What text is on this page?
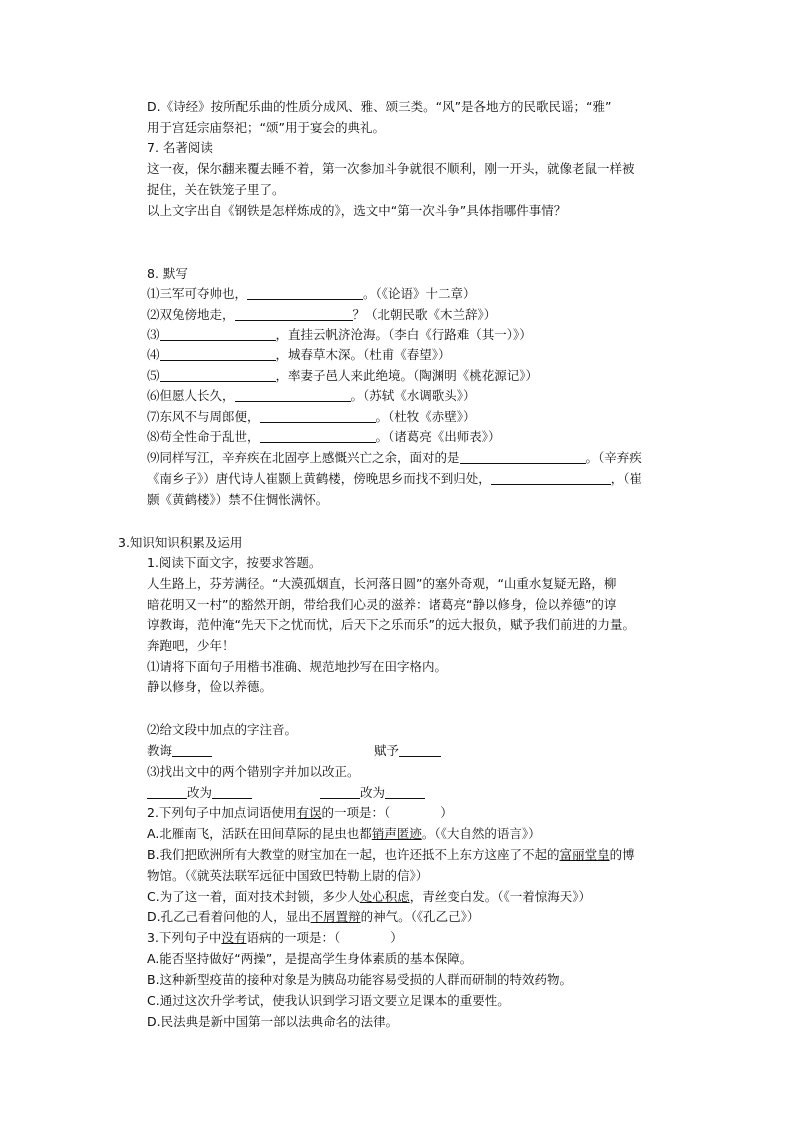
D.《诗经》按所配乐曲的性质分成风、雅、颂三类。“风”是各地方的民歌民谣；“雅”
用于宫廷宗庙祭祀；“颂”用于宴会的典礼。
7. 名著阅读
这一夜，保尔翻来覆去睡不着，第一次参加斗争就很不顺利，刚一开头，就像老鼠一样被
捉住，关在铁笼子里了。
以上文字出自《钢铁是怎样炼成的》，选文中“第一次斗争”具体指哪件事情？
8. 默写
⑴三军可夺帅也，	。（《论语》十二章）
⑵双兔傍地走，	？（北朝民歌《木兰辞》）
⑶	，直挂云帆济沧海。（李白《行路难（其一）》）
⑷	，城春草木深。（杜甫《春望》）
⑸	，率妻子邑人来此绝境。（陶渊明《桃花源记》）
⑹但愿人长久，	。（苏轼《水调歌头》）
⑺东风不与周郎便，	。（杜牧《赤壁》）
⑻苟全性命于乱世，	。（诸葛亮《出师表》）
⑼同样写江，辛弃疾在北固亭上感慨兴亡之余，面对的是	。（辛弃疾
《南乡子》）唐代诗人崔颢上黄鹤楼，傍晚思乡而找不到归处，	，（崔
颢《黄鹤楼》）禁不住惆怅满怀。
3.知识知识积累及运用
1.阅读下面文字，按要求答题。
人生路上，芬芳满径。“大漠孤烟直，长河落日圆”的塞外奇观，“山重水复疑无路，柳
暗花明又一村”的豁然开朗，带给我们心灵的滋养：诸葛亮“静以修身，俭以养德”的谆
谆教诲，范仲淹“先天下之忧而忧，后天下之乐而乐”的远大报负，赋予我们前进的力量。
奔跑吧，少年！
⑴请将下面句子用楷书准确、规范地抄写在田字格内。
静以修身，俭以养德。
⑵给文段中加点的字注音。
教诲	赋予
⑶找出文中的两个错别字并加以改正。
改为	改为
2.下列句子中加点词语使用有误的一项是：（　　　　）
A.北雁南飞，活跃在田间草际的昆虫也都销声匿迹。（《大自然的语言》）
B.我们把欧洲所有大教堂的财宝加在一起，也许还抵不上东方这座了不起的富丽堂皇的博
物馆。（《就英法联军远征中国致巴特勒上尉的信》）
C.为了这一着，面对技术封锁，多少人处心积虑，青丝变白发。（《一着惊海天》）
D.孔乙己看着问他的人，显出不屑置辩的神气。（《孔乙己》）
3.下列句子中没有语病的一项是：（　　　　）
A.能否坚持做好“两操”，是提高学生身体素质的基本保障。
B.这种新型疫苗的接种对象是为胰岛功能容易受损的人群而研制的特效药物。
C.通过这次升学考试，使我认识到学习语文要立足课本的重要性。
D.民法典是新中国第一部以法典命名的法律。
